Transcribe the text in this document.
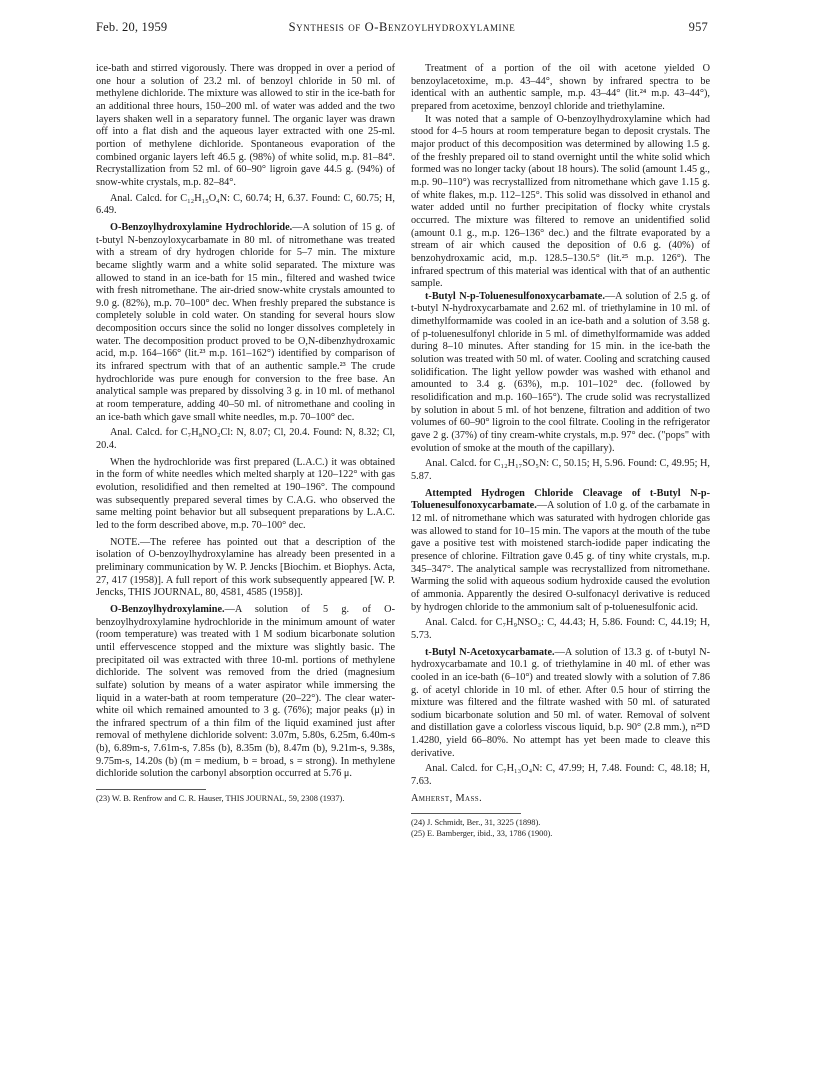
Feb. 20, 1959	Synthesis of O-Benzoylhydroxylamine	957

ice-bath and stirred vigorously. There was dropped in over a period of one hour a solution of 23.2 ml. of benzoyl chloride in 50 ml. of methylene dichloride. The mixture was allowed to stir in the ice-bath for an additional three hours, 150–200 ml. of water was added and the two layers shaken well in a separatory funnel. The organic layer was drawn off into a flat dish and the aqueous layer extracted with one 25-ml. portion of methylene dichloride. Spontaneous evaporation of the combined organic layers left 46.5 g. (98%) of white solid, m.p. 81–84°. Recrystallization from 52 ml. of 60–90° ligroin gave 44.5 g. (94%) of snow-white crystals, m.p. 82–84°.

Anal. Calcd. for C₁₂H₁₅O₄N: C, 60.74; H, 6.37. Found: C, 60.75; H, 6.49.

O-Benzoylhydroxylamine Hydrochloride.—A solution of 15 g. of t-butyl N-benzoyloxycarbamate in 80 ml. of nitromethane was treated with a stream of dry hydrogen chloride for 5–7 min. The mixture became slightly warm and a white solid separated. The mixture was allowed to stand in an ice-bath for 15 min., filtered and washed twice with fresh nitromethane. The air-dried snow-white crystals amounted to 9.0 g. (82%), m.p. 70–100° dec. When freshly prepared the substance is completely soluble in cold water. On standing for several hours slow decomposition occurs since the solid no longer dissolves completely in water. The decomposition product proved to be O,N-dibenzhydroxamic acid, m.p. 164–166° (lit.²³ m.p. 161–162°) identified by comparison of its infrared spectrum with that of an authentic sample.²³ The crude hydrochloride was pure enough for conversion to the free base. An analytical sample was prepared by dissolving 3 g. in 10 ml. of methanol at room temperature, adding 40–50 ml. of nitromethane and cooling in an ice-bath which gave small white needles, m.p. 70–100° dec.

Anal. Calcd. for C₇H₈NO₂Cl: N, 8.07; Cl, 20.4. Found: N, 8.32; Cl, 20.4.

When the hydrochloride was first prepared (L.A.C.) it was obtained in the form of white needles which melted sharply at 120–122° with gas evolution, resolidified and then remelted at 190–196°. The compound was subsequently prepared several times by C.A.G. who observed the same melting point behavior but all subsequent preparations by L.A.C. led to the form described above, m.p. 70–100° dec.

NOTE.—The referee has pointed out that a description of the isolation of O-benzoylhydroxylamine has already been presented in a preliminary communication by W. P. Jencks [Biochim. et Biophys. Acta, 27, 417 (1958)]. A full report of this work subsequently appeared [W. P. Jencks, THIS JOURNAL, 80, 4581, 4585 (1958)].

O-Benzoylhydroxylamine.—A solution of 5 g. of O-benzoylhydroxylamine hydrochloride in the minimum amount of water (room temperature) was treated with 1 M sodium bicarbonate solution until effervescence stopped and the mixture was slightly basic. The precipitated oil was extracted with three 10-ml. portions of methylene dichloride. The solvent was removed from the dried (magnesium sulfate) solution by means of a water aspirator while immersing the liquid in a water-bath at room temperature (20–22°). The clear water-white oil which remained amounted to 3 g. (76%); major peaks (μ) in the infrared spectrum of a thin film of the liquid examined just after removal of methylene dichloride solvent: 3.07m, 5.80s, 6.25m, 6.40m-s (b), 6.89m-s, 7.61m-s, 7.85s (b), 8.35m (b), 8.47m (b), 9.21m-s, 9.38s, 9.75m-s, 14.20s (b) (m = medium, b = broad, s = strong). In methylene dichloride solution the carbonyl absorption occurred at 5.76 μ.

(23) W. B. Renfrow and C. R. Hauser, THIS JOURNAL, 59, 2308 (1937).

Treatment of a portion of the oil with acetone yielded O benzoylacetoxime, m.p. 43–44°, shown by infrared spectra to be identical with an authentic sample, m.p. 43–44° (lit.²⁴ m.p. 43–44°), prepared from acetoxime, benzoyl chloride and triethylamine.

It was noted that a sample of O-benzoylhydroxylamine which had stood for 4–5 hours at room temperature began to deposit crystals. The major product of this decomposition was determined by allowing 1.5 g. of the freshly prepared oil to stand overnight until the white solid which formed was no longer tacky (about 18 hours). The solid (amount 1.45 g., m.p. 90–110°) was recrystallized from nitromethane which gave 1.15 g. of white flakes, m.p. 112–125°. This solid was dissolved in ethanol and water added until no further precipitation of flocky white crystals occurred. The mixture was filtered to remove an unidentified solid (amount 0.1 g., m.p. 126–136° dec.) and the filtrate evaporated by a stream of air which caused the deposition of 0.6 g. (40%) of benzohydroxamic acid, m.p. 128.5–130.5° (lit.²⁵ m.p. 126°). The infrared spectrum of this material was identical with that of an authentic sample.

t-Butyl N-p-Toluenesulfonoxycarbamate.—A solution of 2.5 g. of t-butyl N-hydroxycarbamate and 2.62 ml. of triethylamine in 10 ml. of dimethylformamide was cooled in an ice-bath and a solution of 3.58 g. of p-toluenesulfonyl chloride in 5 ml. of dimethylformamide was added during 8–10 minutes. After standing for 15 min. in the ice-bath the solution was treated with 50 ml. of water. Cooling and scratching caused solidification. The light yellow powder was washed with ethanol and amounted to 3.4 g. (63%), m.p. 101–102° dec. (followed by resolidification and m.p. 160–165°). The crude solid was recrystallized by solution in about 5 ml. of hot benzene, filtration and addition of two volumes of 60–90° ligroin to the cool filtrate. Cooling in the refrigerator gave 2 g. (37%) of tiny cream-white crystals, m.p. 97° dec. ("pops" with evolution of smoke at the mouth of the capillary).

Anal. Calcd. for C₁₂H₁₇SO₅N: C, 50.15; H, 5.96. Found: C, 49.95; H, 5.87.

Attempted Hydrogen Chloride Cleavage of t-Butyl N-p-Toluenesulfonoxycarbamate.—A solution of 1.0 g. of the carbamate in 12 ml. of nitromethane which was saturated with hydrogen chloride gas was allowed to stand for 10–15 min. The vapors at the mouth of the tube gave a positive test with moistened starch-iodide paper indicating the presence of chlorine. Filtration gave 0.45 g. of tiny white crystals, m.p. 345–347°. The analytical sample was recrystallized from nitromethane. Warming the solid with aqueous sodium hydroxide caused the evolution of ammonia. Apparently the desired O-sulfonacyl derivative is reduced by hydrogen chloride to the ammonium salt of p-toluenesulfonic acid.

Anal. Calcd. for C₇H₉NSO₃: C, 44.43; H, 5.86. Found: C, 44.19; H, 5.73.

t-Butyl N-Acetoxycarbamate.—A solution of 13.3 g. of t-butyl N-hydroxycarbamate and 10.1 g. of triethylamine in 40 ml. of ether was cooled in an ice-bath (6–10°) and treated slowly with a solution of 7.86 g. of acetyl chloride in 10 ml. of ether. After 0.5 hour of stirring the mixture was filtered and the filtrate washed with 50 ml. of saturated sodium bicarbonate solution and 50 ml. of water. Removal of solvent and distillation gave a colorless viscous liquid, b.p. 90° (2.8 mm.), n²⁵D 1.4280, yield 66–80%. No attempt has yet been made to cleave this derivative.

Anal. Calcd. for C₇H₁₃O₄N: C, 47.99; H, 7.48. Found: C, 48.18; H, 7.63.

Amherst, Mass.

(24) J. Schmidt, Ber., 31, 3225 (1898).

(25) E. Bamberger, ibid., 33, 1786 (1900).
